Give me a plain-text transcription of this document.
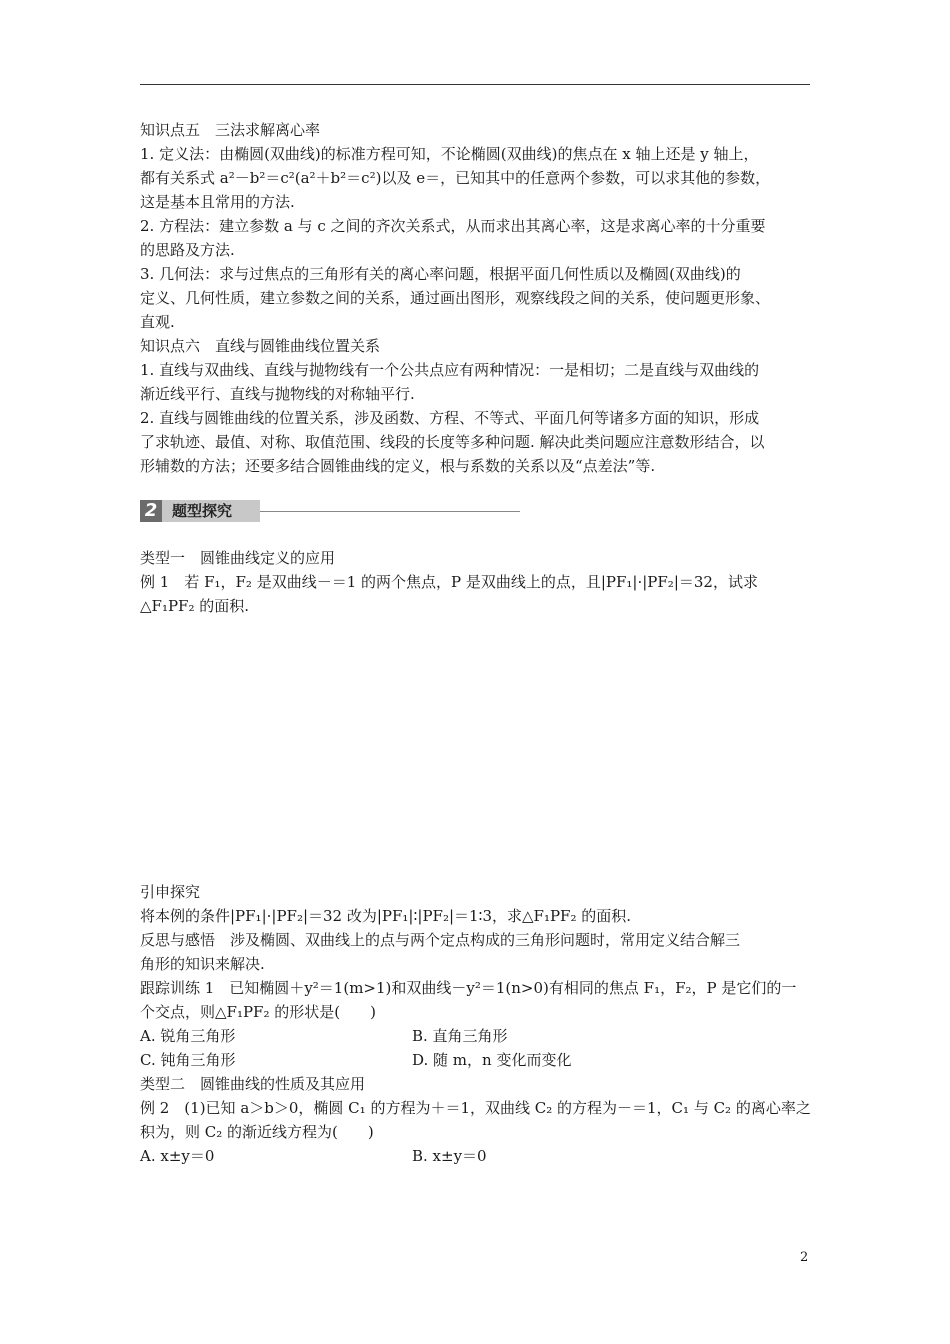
知识点五　三法求解离心率
1. 定义法：由椭圆(双曲线)的标准方程可知，不论椭圆(双曲线)的焦点在 x 轴上还是 y 轴上，
都有关系式 a²－b²＝c²(a²＋b²＝c²)以及 e＝，已知其中的任意两个参数，可以求其他的参数，
这是基本且常用的方法.
2. 方程法：建立参数 a 与 c 之间的齐次关系式，从而求出其离心率，这是求离心率的十分重要
的思路及方法.
3. 几何法：求与过焦点的三角形有关的离心率问题，根据平面几何性质以及椭圆(双曲线)的
定义、几何性质，建立参数之间的关系，通过画出图形，观察线段之间的关系，使问题更形象、
直观.
知识点六　直线与圆锥曲线位置关系
1. 直线与双曲线、直线与抛物线有一个公共点应有两种情况：一是相切；二是直线与双曲线的
渐近线平行、直线与抛物线的对称轴平行.
2. 直线与圆锥曲线的位置关系，涉及函数、方程、不等式、平面几何等诸多方面的知识，形成
了求轨迹、最值、对称、取值范围、线段的长度等多种问题. 解决此类问题应注意数形结合，以
形辅数的方法；还要多结合圆锥曲线的定义，根与系数的关系以及“点差法”等.
2 题型探究
类型一　圆锥曲线定义的应用
例 1　若 F₁，F₂ 是双曲线－＝1 的两个焦点，P 是双曲线上的点，且|PF₁|·|PF₂|＝32，试求
△F₁PF₂ 的面积.
引申探究
将本例的条件|PF₁|·|PF₂|＝32 改为|PF₁|∶|PF₂|＝1∶3，求△F₁PF₂ 的面积.
反思与感悟　涉及椭圆、双曲线上的点与两个定点构成的三角形问题时，常用定义结合解三
角形的知识来解决.
跟踪训练 1　已知椭圆＋y²＝1(m>1)和双曲线－y²＝1(n>0)有相同的焦点 F₁，F₂，P 是它们的一
个交点，则△F₁PF₂ 的形状是(　　)
A. 锐角三角形	B. 直角三角形
C. 钝角三角形	D. 随 m，n 变化而变化
类型二　圆锥曲线的性质及其应用
例 2　(1)已知 a＞b＞0，椭圆 C₁ 的方程为＋＝1，双曲线 C₂ 的方程为－＝1，C₁ 与 C₂ 的离心率之
积为，则 C₂ 的渐近线方程为(　　)
A. x±y＝0	B. x±y＝0
2
